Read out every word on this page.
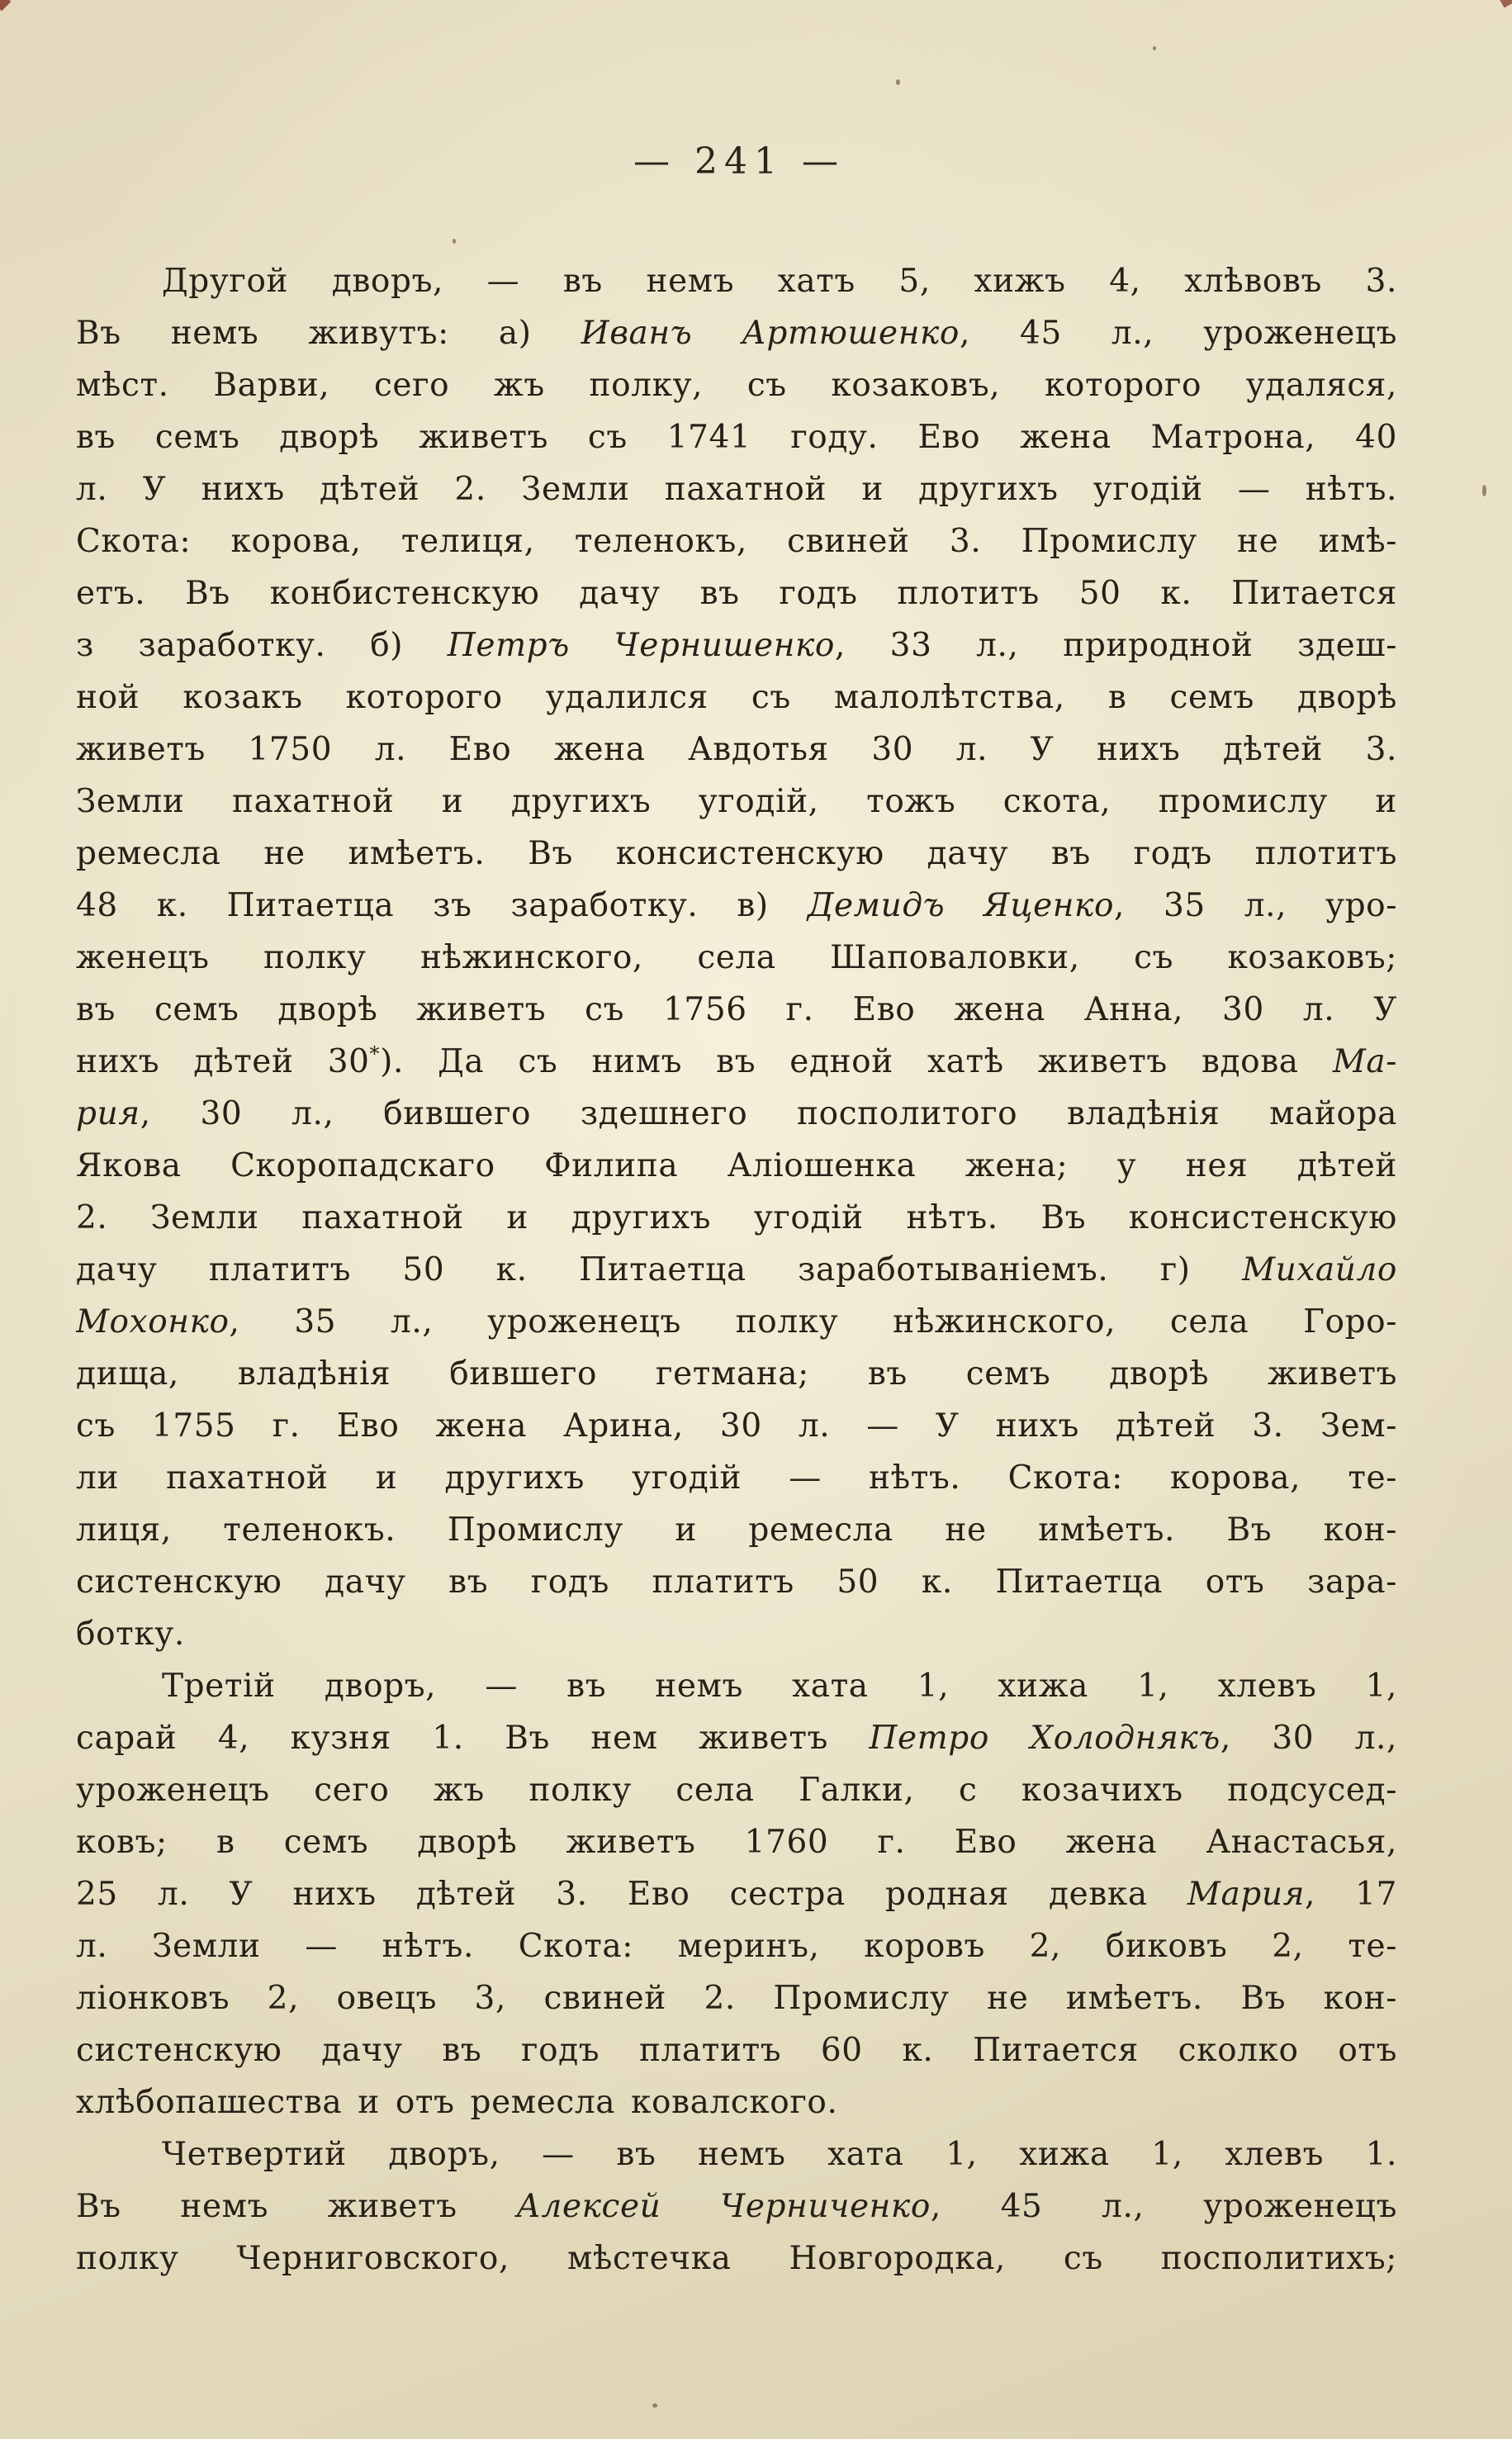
— 241 —
Другой дворъ, — въ немъ хатъ 5, хижъ 4, хлѣвовъ 3.
Въ немъ живутъ: а) Иванъ Артюшенко, 45 л., уроженецъ
мѣст. Варви, сего жъ полку, съ козаковъ, которого удаляся,
въ семъ дворѣ живетъ съ 1741 году. Ево жена Матрона, 40
л. У нихъ дѣтей 2. Земли пахатной и другихъ угодій — нѣтъ.
Скота: корова, телиця, теленокъ, свиней 3. Промислу не имѣ-
етъ. Въ конбистенскую дачу въ годъ плотитъ 50 к. Питается
з заработку. б) Петръ Чернишенко, 33 л., природной здеш-
ной козакъ которого удалился съ малолѣтства, в семъ дворѣ
живетъ 1750 л. Ево жена Авдотья 30 л. У нихъ дѣтей 3.
Земли пахатной и другихъ угодій, тожъ скота, промислу и
ремесла не имѣетъ. Въ консистенскую дачу въ годъ плотитъ
48 к. Питаетца зъ заработку. в) Демидъ Яценко, 35 л., уро-
женецъ полку нѣжинского, села Шаповаловки, съ козаковъ;
въ семъ дворѣ живетъ съ 1756 г. Ево жена Анна, 30 л. У
нихъ дѣтей 30*). Да съ нимъ въ едной хатѣ живетъ вдова Ма-
рия, 30 л., бившего здешнего посполитого владѣнія майора
Якова Скоропадскаго Филипа Аліошенка жена; у нея дѣтей
2. Земли пахатной и другихъ угодій нѣтъ. Въ консистенскую
дачу платитъ 50 к. Питаетца заработываніемъ. г) Михайло
Мохонко, 35 л., уроженецъ полку нѣжинского, села Горо-
дища, владѣнія бившего гетмана; въ семъ дворѣ живетъ
съ 1755 г. Ево жена Арина, 30 л. — У нихъ дѣтей 3. Зем-
ли пахатной и другихъ угодій — нѣтъ. Скота: корова, те-
лиця, теленокъ. Промислу и ремесла не имѣетъ. Въ кон-
систенскую дачу въ годъ платитъ 50 к. Питаетца отъ зара-
ботку.
Третій дворъ, — въ немъ хата 1, хижа 1, хлевъ 1,
сарай 4, кузня 1. Въ нем живетъ Петро Холоднякъ, 30 л.,
уроженецъ сего жъ полку села Галки, с козачихъ подсусед-
ковъ; в семъ дворѣ живетъ 1760 г. Ево жена Анастасья,
25 л. У нихъ дѣтей 3. Ево сестра родная девка Мария, 17
л. Земли — нѣтъ. Скота: меринъ, коровъ 2, биковъ 2, те-
ліонковъ 2, овецъ 3, свиней 2. Промислу не имѣетъ. Въ кон-
систенскую дачу въ годъ платитъ 60 к. Питается сколко отъ
хлѣбопашества и отъ ремесла ковалского.
Четвертий дворъ, — въ немъ хата 1, хижа 1, хлевъ 1.
Въ немъ живетъ Алексей Черниченко, 45 л., уроженецъ
полку Черниговского, мѣстечка Новгородка, съ посполитихъ;
